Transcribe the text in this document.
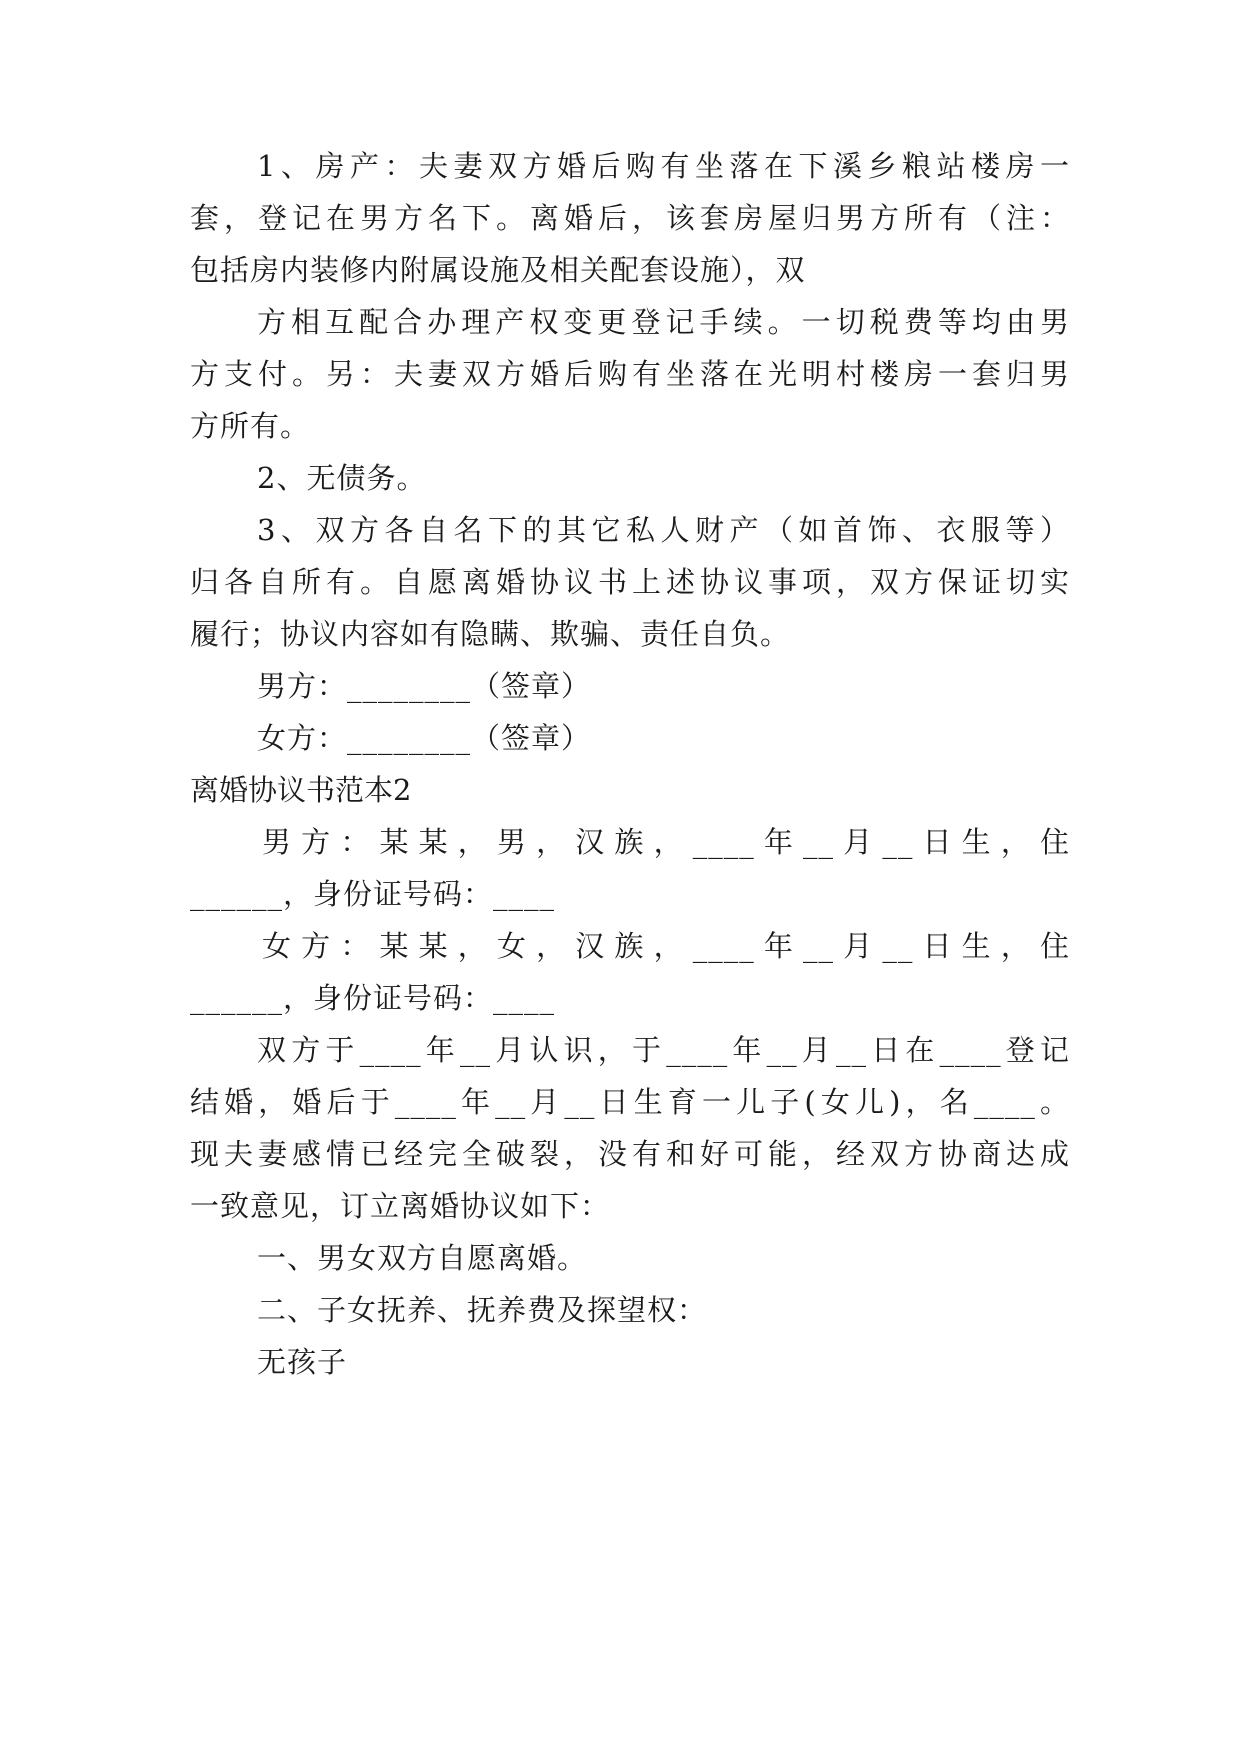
1、房产：夫妻双方婚后购有坐落在下溪乡粮站楼房一
套，登记在男方名下。离婚后，该套房屋归男方所有（注：
包括房内装修内附属设施及相关配套设施），双
方相互配合办理产权变更登记手续。一切税费等均由男
方支付。另：夫妻双方婚后购有坐落在光明村楼房一套归男
方所有。
2、无债务。
3、双方各自名下的其它私人财产（如首饰、衣服等）
归各自所有。自愿离婚协议书上述协议事项，双方保证切实
履行；协议内容如有隐瞒、欺骗、责任自负。
男方：________（签章）
女方：________（签章）
离婚协议书范本2
男方：某某，男，汉族，____年__月__日生，住
______，身份证号码：____
女方：某某，女，汉族，____年__月__日生，住
______，身份证号码：____
双方于____年__月认识，于____年__月__日在____登记
结婚，婚后于____年__月__日生育一儿子(女儿)，名____。
现夫妻感情已经完全破裂，没有和好可能，经双方协商达成
一致意见，订立离婚协议如下：
一、男女双方自愿离婚。
二、子女抚养、抚养费及探望权：
无孩子
